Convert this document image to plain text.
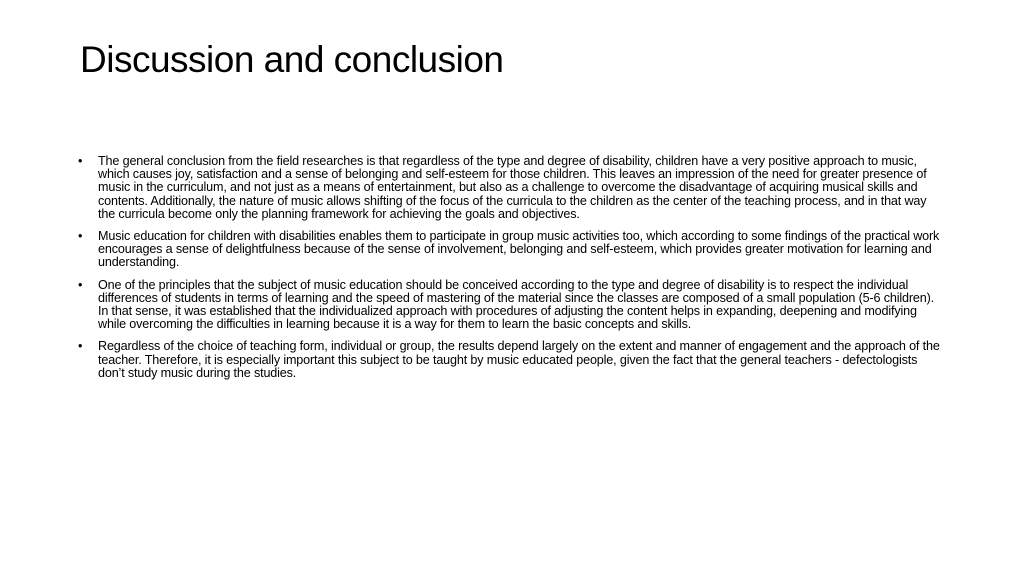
Discussion and conclusion
•	The general conclusion from the field researches is that regardless of the type and degree of disability, children have a very positive approach to music, which causes joy, satisfaction and a sense of belonging and self-esteem for those children. This leaves an impression of the need for greater presence of music in the curriculum, and not just as a means of entertainment, but also as a challenge to overcome the disadvantage of acquiring musical skills and contents. Additionally, the nature of music allows shifting of the focus of the curricula to the children as the center of the teaching process, and in that way the curricula become only the planning framework for achieving the goals and objectives.
•	Music education for children with disabilities enables them to participate in group music activities too, which according to some findings of the practical work encourages a sense of delightfulness because of the sense of involvement, belonging and self-esteem, which provides greater motivation for learning and understanding.
•	One of the principles that the subject of music education should be conceived according to the type and degree of disability is to respect the individual differences of students in terms of learning and the speed of mastering of the material since the classes are composed of a small population (5-6 children). In that sense, it was established that the individualized approach with procedures of adjusting the content helps in expanding, deepening and modifying while overcoming the difficulties in learning because it is a way for them to learn the basic concepts and skills.
•	Regardless of the choice of teaching form, individual or group, the results depend largely on the extent and manner of engagement and the approach of the teacher. Therefore, it is especially important this subject to be taught by music educated people, given the fact that the general teachers - defectologists don’t study music during the studies.
